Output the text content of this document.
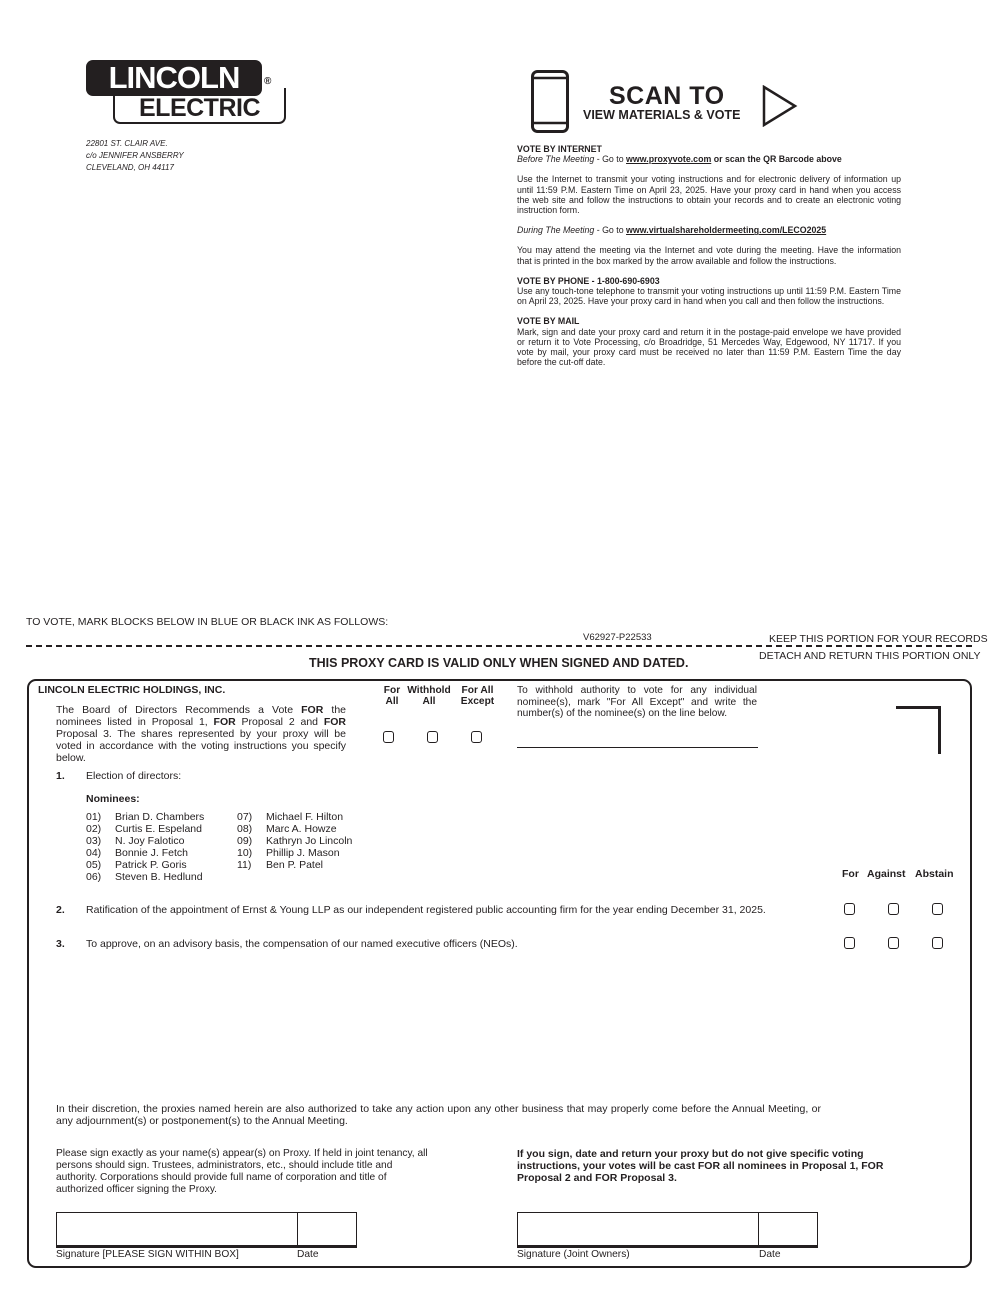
LINCOLN
ELECTRIC
®
22801 ST. CLAIR AVE.
c/o JENNIFER ANSBERRY
CLEVELAND, OH 44117
SCAN TO
VIEW MATERIALS & VOTE

VOTE BY INTERNET
Before The Meeting - Go to www.proxyvote.com or scan the QR Barcode above

Use the Internet to transmit your voting instructions and for electronic delivery of information up until 11:59 P.M. Eastern Time on April 23, 2025. Have your proxy card in hand when you access the web site and follow the instructions to obtain your records and to create an electronic voting instruction form.

During The Meeting - Go to www.virtualshareholdermeeting.com/LECO2025

You may attend the meeting via the Internet and vote during the meeting. Have the information that is printed in the box marked by the arrow available and follow the instructions.

VOTE BY PHONE - 1-800-690-6903
Use any touch-tone telephone to transmit your voting instructions up until 11:59 P.M. Eastern Time on April 23, 2025. Have your proxy card in hand when you call and then follow the instructions.

VOTE BY MAIL
Mark, sign and date your proxy card and return it in the postage-paid envelope we have provided or return it to Vote Processing, c/o Broadridge, 51 Mercedes Way, Edgewood, NY 11717. If you vote by mail, your proxy card must be received no later than 11:59 P.M. Eastern Time the day before the cut-off date.

TO VOTE, MARK BLOCKS BELOW IN BLUE OR BLACK INK AS FOLLOWS:
V62927-P22533	KEEP THIS PORTION FOR YOUR RECORDS
DETACH AND RETURN THIS PORTION ONLY
THIS PROXY CARD IS VALID ONLY WHEN SIGNED AND DATED.
LINCOLN ELECTRIC HOLDINGS, INC.
The Board of Directors Recommends a Vote FOR the nominees listed in Proposal 1, FOR Proposal 2 and FOR Proposal 3. The shares represented by your proxy will be voted in accordance with the voting instructions you specify below.
For
All
Withhold
All
For All
Except
To withhold authority to vote for any individual nominee(s), mark "For All Except" and write the number(s) of the nominee(s) on the line below.
1. Election of directors:
Nominees:
01) Brian D. Chambers
02) Curtis E. Espeland
03) N. Joy Falotico
04) Bonnie J. Fetch
05) Patrick P. Goris
06) Steven B. Hedlund
07) Michael F. Hilton
08) Marc A. Howze
09) Kathryn Jo Lincoln
10) Phillip J. Mason
11) Ben P. Patel
For Against Abstain
2. Ratification of the appointment of Ernst & Young LLP as our independent registered public accounting firm for the year ending December 31, 2025.
3. To approve, on an advisory basis, the compensation of our named executive officers (NEOs).
In their discretion, the proxies named herein are also authorized to take any action upon any other business that may properly come before the Annual Meeting, or any adjournment(s) or postponement(s) to the Annual Meeting.
Please sign exactly as your name(s) appear(s) on Proxy. If held in joint tenancy, all persons should sign. Trustees, administrators, etc., should include title and authority. Corporations should provide full name of corporation and title of authorized officer signing the Proxy.
If you sign, date and return your proxy but do not give specific voting instructions, your votes will be cast FOR all nominees in Proposal 1, FOR Proposal 2 and FOR Proposal 3.
Signature [PLEASE SIGN WITHIN BOX]	Date	Signature (Joint Owners)	Date
